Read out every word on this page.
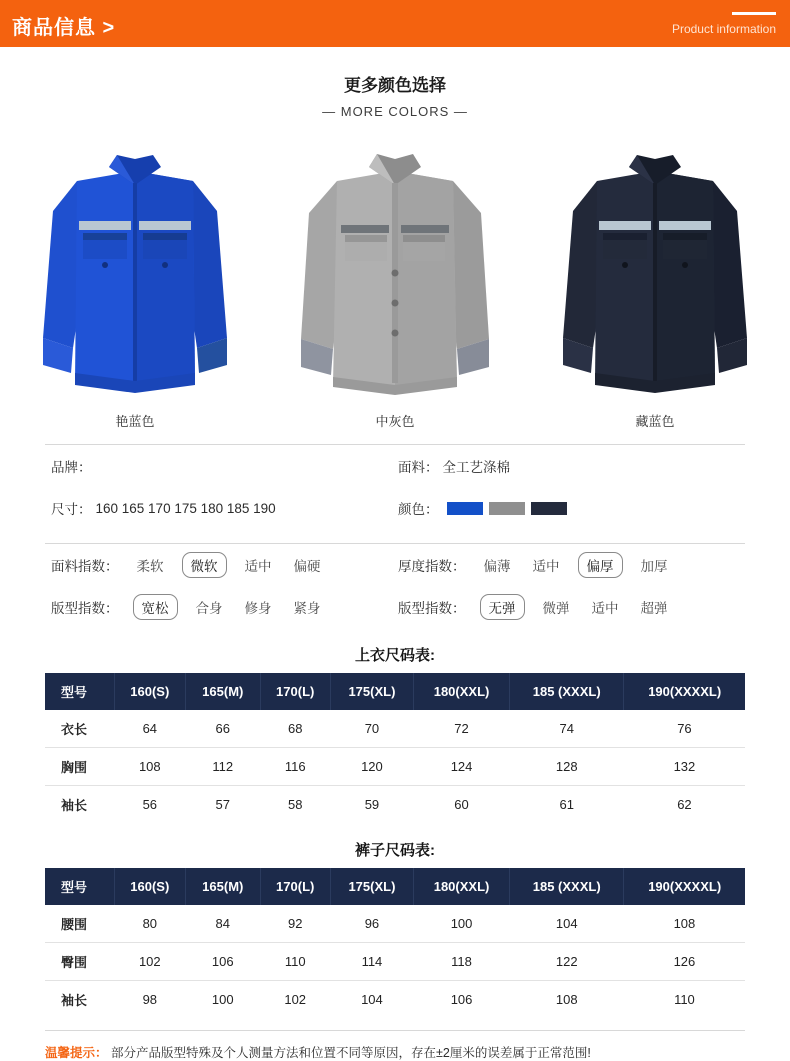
商品信息 >	Product information
更多颜色选择
— MORE COLORS —
艳蓝色	中灰色	藏蓝色
品牌：	面料： 全工艺涤棉
尺寸： 160 165 170 175 180 185 190	颜色：
面料指数： 柔软	微软	适中 偏硬	厚度指数： 偏薄 适中	偏厚	加厚
版型指数：	宽松	合身 修身 紧身	版型指数：	无弹	微弹 适中 超弹
上衣尺码表:
型号	160(S)	165(M)	170(L)	175(XL)	180(XXL)	185 (XXXL)	190(XXXXL)
衣长	64	66	68	70	72	74	76
胸围	108	112	116	120	124	128	132
袖长	56	57	58	59	60	61	62
裤子尺码表:
型号	160(S)	165(M)	170(L)	175(XL)	180(XXL)	185 (XXXL)	190(XXXXL)
腰围	80	84	92	96	100	104	108
臀围	102	106	110	114	118	122	126
袖长	98	100	102	104	106	108	110
温馨提示： 部分产品版型特殊及个人测量方法和位置不同等原因，存在±2厘米的误差属于正常范围!
